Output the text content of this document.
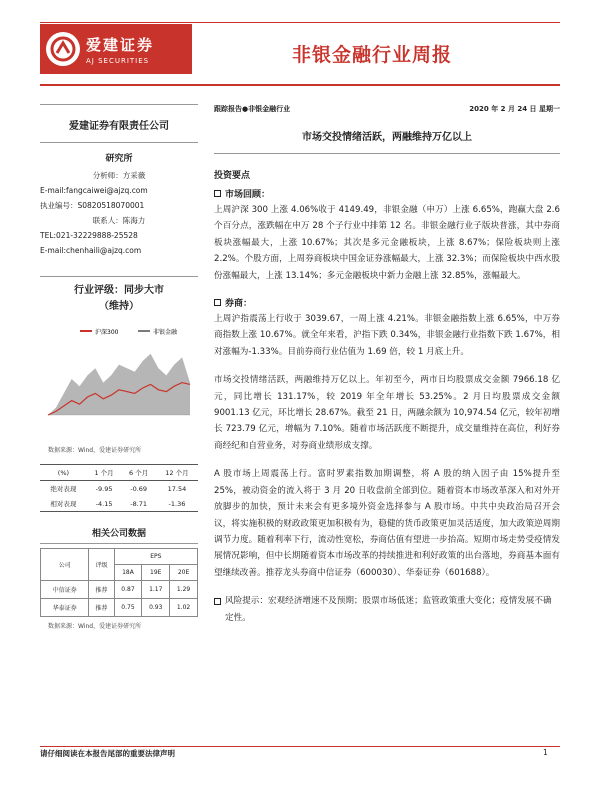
爱建证券
AJ SECURITIES	非银金融行业周报
爱建证券有限责任公司
研究所
分析师：方采薇
E-mail:fangcaiwei@ajzq.com
执业编号：S0820518070001
联系人：陈海力
TEL:021-32229888-25528
E-mail:chenhaili@ajzq.com
行业评级：同步大市
（维持）
沪深300	非银金融
数据来源：Wind，爱建证券研究所
(%)	1 个月	6 个月	12 个月
绝对表现	-9.95	-0.69	17.54
相对表现	-4.15	-8.71	-1.36
相关公司数据
公司	评级	EPS		
		18A	19E	20E
中信证券	推荐	0.87	1.17	1.29
华泰证券	推荐	0.75	0.93	1.02
数据来源：Wind，爱建证券研究所
跟踪报告●非银金融行业	2020 年 2 月 24 日 星期一
市场交投情绪活跃，两融维持万亿以上
投资要点
市场回顾：
上周沪深 300 上涨 4.06%收于 4149.49，非银金融（申万）上涨 6.65%，跑赢大盘 2.6 个百分点，涨跌幅在申万 28 个子行业中排第 12 名。非银金融行业子版块普涨，其中券商板块涨幅最大，上涨 10.67%；其次是多元金融板块，上涨 8.67%；保险板块则上涨 2.2%。个股方面，上周券商板块中国金证券涨幅最大，上涨 32.3%；而保险板块中西水股份涨幅最大，上涨 13.14%；多元金融板块中新力金融上涨 32.85%，涨幅最大。
券商：
上周沪指震荡上行收于 3039.67，一周上涨 4.21%。非银金融指数上涨 6.65%，中万券商指数上涨 10.67%。就全年来看，沪指下跌 0.34%，非银金融行业指数下跌 1.67%，相对涨幅为-1.33%。目前券商行业估值为 1.69 倍，较 1 月底上升。
市场交投情绪活跃，两融维持万亿以上。年初至今，两市日均股票成交金额 7966.18 亿元，同比增长 131.17%，较 2019 年全年增长 53.25%。2 月日均股票成交金额 9001.13 亿元，环比增长 28.67%。截至 21 日，两融余额为 10,974.54 亿元，较年初增长 723.79 亿元，增幅为 7.10%。随着市场活跃度不断提升，成交量维持在高位，利好券商经纪和自营业务，对券商业绩形成支撑。
A 股市场上周震荡上行。富时罗素指数加期调整，将 A 股的纳入因子由 15%提升至 25%，被动资金的流入将于 3 月 20 日收盘前全部到位。随着资本市场改革深入和对外开放脚步的加快，预计未来会有更多境外资金选择参与 A 股市场。中共中央政治局召开会议，将实施积极的财政政策更加积极有为，稳健的货币政策更加灵活适度，加大政策逆周期调节力度。随着利率下行，流动性宽松，券商估值有望进一步抬高。短期市场走势受疫情发展情况影响，但中长期随着资本市场改革的持续推进和利好政策的出台落地，券商基本面有望继续改善。推荐龙头券商中信证券（600030）、华泰证券（601688）。
风险提示：宏观经济增速不及预期；股票市场低迷；监管政策重大变化；疫情发展不确定性。
请仔细阅读在本报告尾部的重要法律声明	1
